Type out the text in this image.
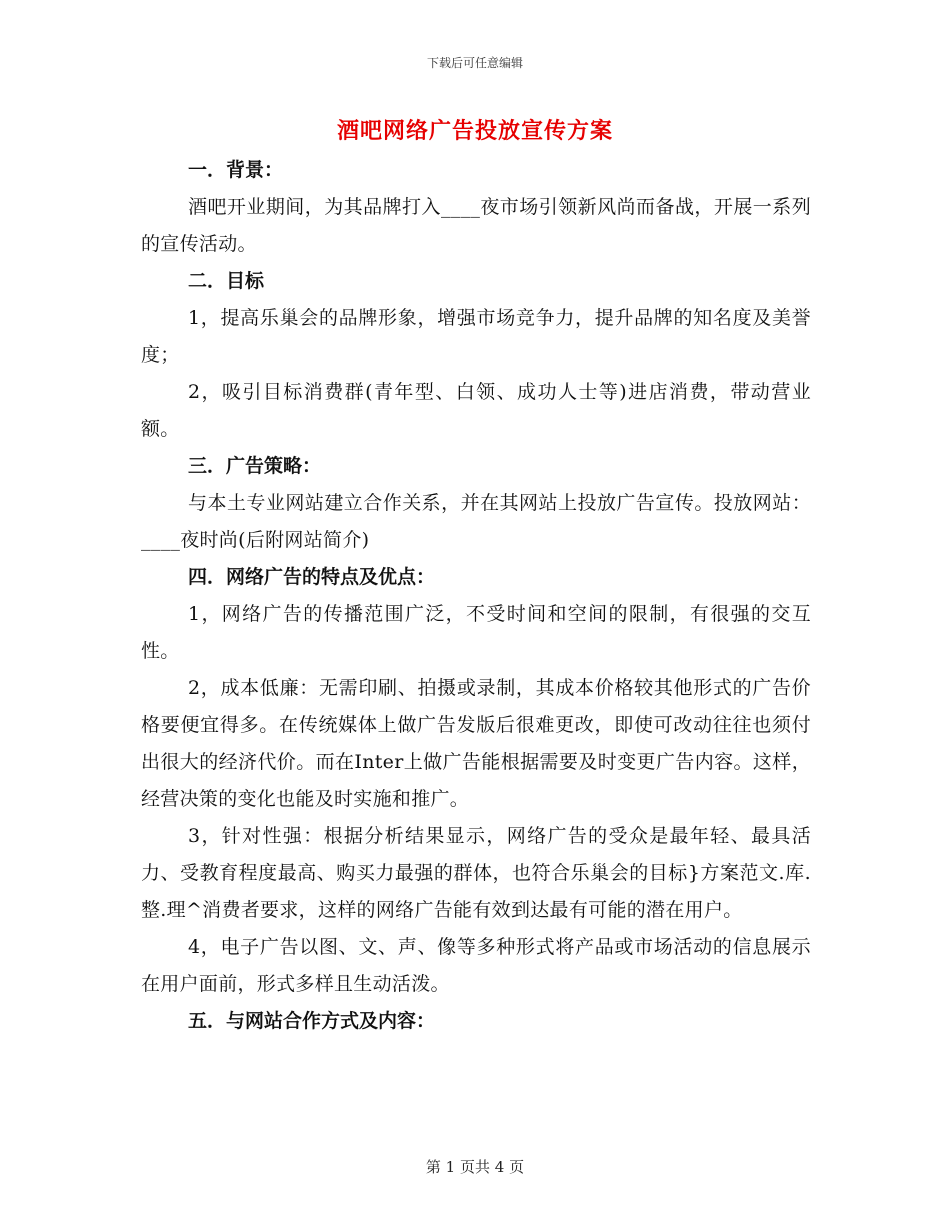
下载后可任意编辑
酒吧网络广告投放宣传方案

一．背景：

酒吧开业期间，为其品牌打入____夜市场引领新风尚而备战，开展一系列的宣传活动。

二．目标

1，提高乐巢会的品牌形象，增强市场竞争力，提升品牌的知名度及美誉度；

2，吸引目标消费群(青年型、白领、成功人士等)进店消费，带动营业额。

三．广告策略：

与本土专业网站建立合作关系，并在其网站上投放广告宣传。投放网站：____夜时尚(后附网站简介)

四．网络广告的特点及优点：

1，网络广告的传播范围广泛，不受时间和空间的限制，有很强的交互性。

2，成本低廉：无需印刷、拍摄或录制，其成本价格较其他形式的广告价格要便宜得多。在传统媒体上做广告发版后很难更改，即使可改动往往也须付出很大的经济代价。而在Inter上做广告能根据需要及时变更广告内容。这样，经营决策的变化也能及时实施和推广。

3，针对性强：根据分析结果显示，网络广告的受众是最年轻、最具活力、受教育程度最高、购买力最强的群体，也符合乐巢会的目标}方案范文.库.整.理^消费者要求，这样的网络广告能有效到达最有可能的潜在用户。

4，电子广告以图、文、声、像等多种形式将产品或市场活动的信息展示在用户面前，形式多样且生动活泼。

五．与网站合作方式及内容：

第 1 页共 4 页
